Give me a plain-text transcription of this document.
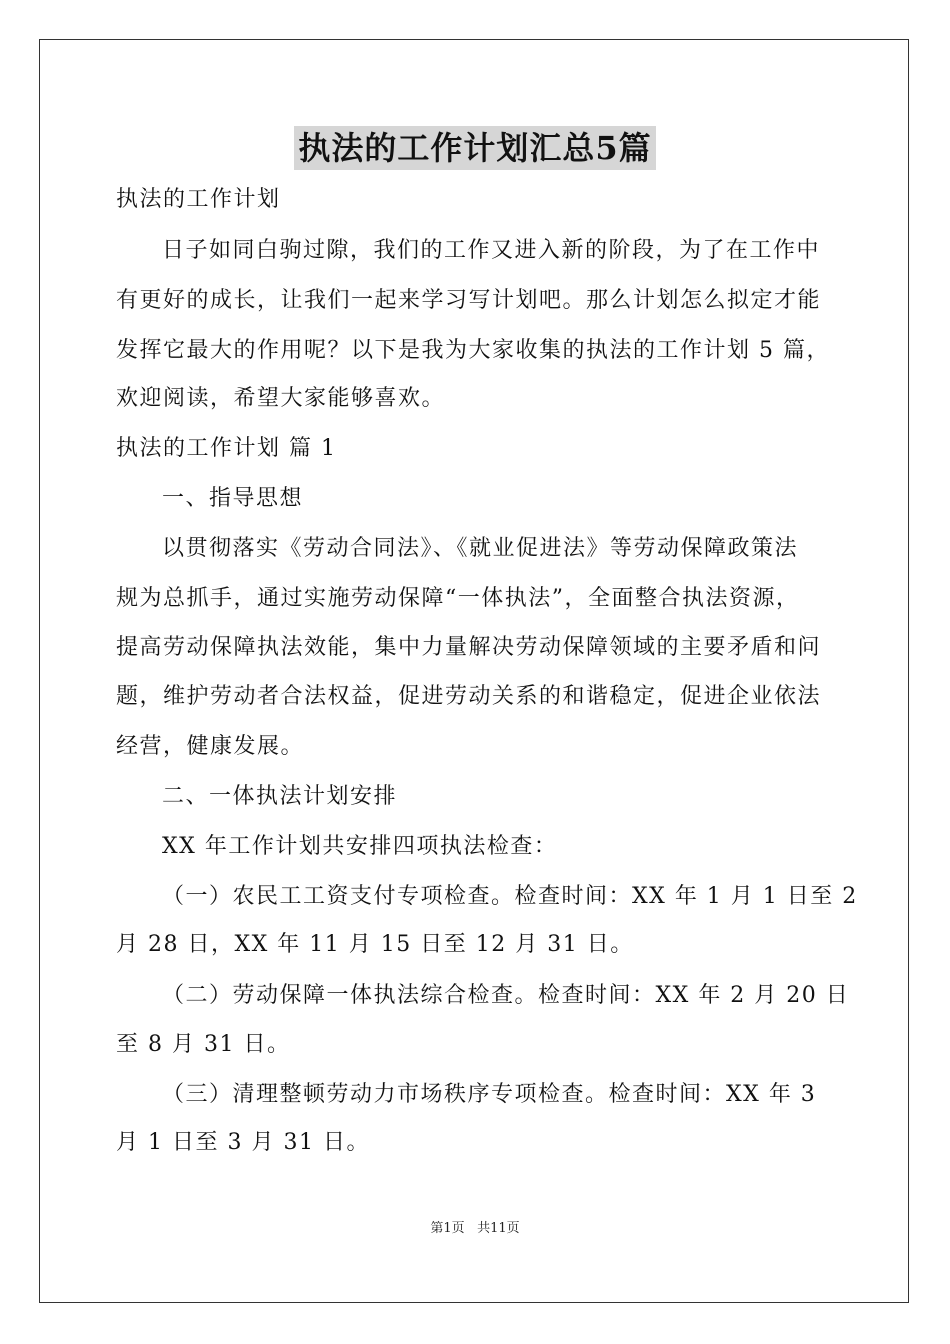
执法的工作计划汇总5篇
执法的工作计划
日子如同白驹过隙，我们的工作又进入新的阶段，为了在工作中
有更好的成长，让我们一起来学习写计划吧。那么计划怎么拟定才能
发挥它最大的作用呢？以下是我为大家收集的执法的工作计划 5 篇，
欢迎阅读，希望大家能够喜欢。
执法的工作计划 篇 1
一、指导思想
以贯彻落实《劳动合同法》、《就业促进法》等劳动保障政策法
规为总抓手，通过实施劳动保障“一体执法”，全面整合执法资源，
提高劳动保障执法效能，集中力量解决劳动保障领域的主要矛盾和问
题，维护劳动者合法权益，促进劳动关系的和谐稳定，促进企业依法
经营，健康发展。
二、一体执法计划安排
XX 年工作计划共安排四项执法检查：
（一）农民工工资支付专项检查。检查时间：XX 年 1 月 1 日至 2
月 28 日，XX 年 11 月 15 日至 12 月 31 日。
（二）劳动保障一体执法综合检查。检查时间：XX 年 2 月 20 日
至 8 月 31 日。
（三）清理整顿劳动力市场秩序专项检查。检查时间：XX 年 3
月 1 日至 3 月 31 日。
第1页 共11页
